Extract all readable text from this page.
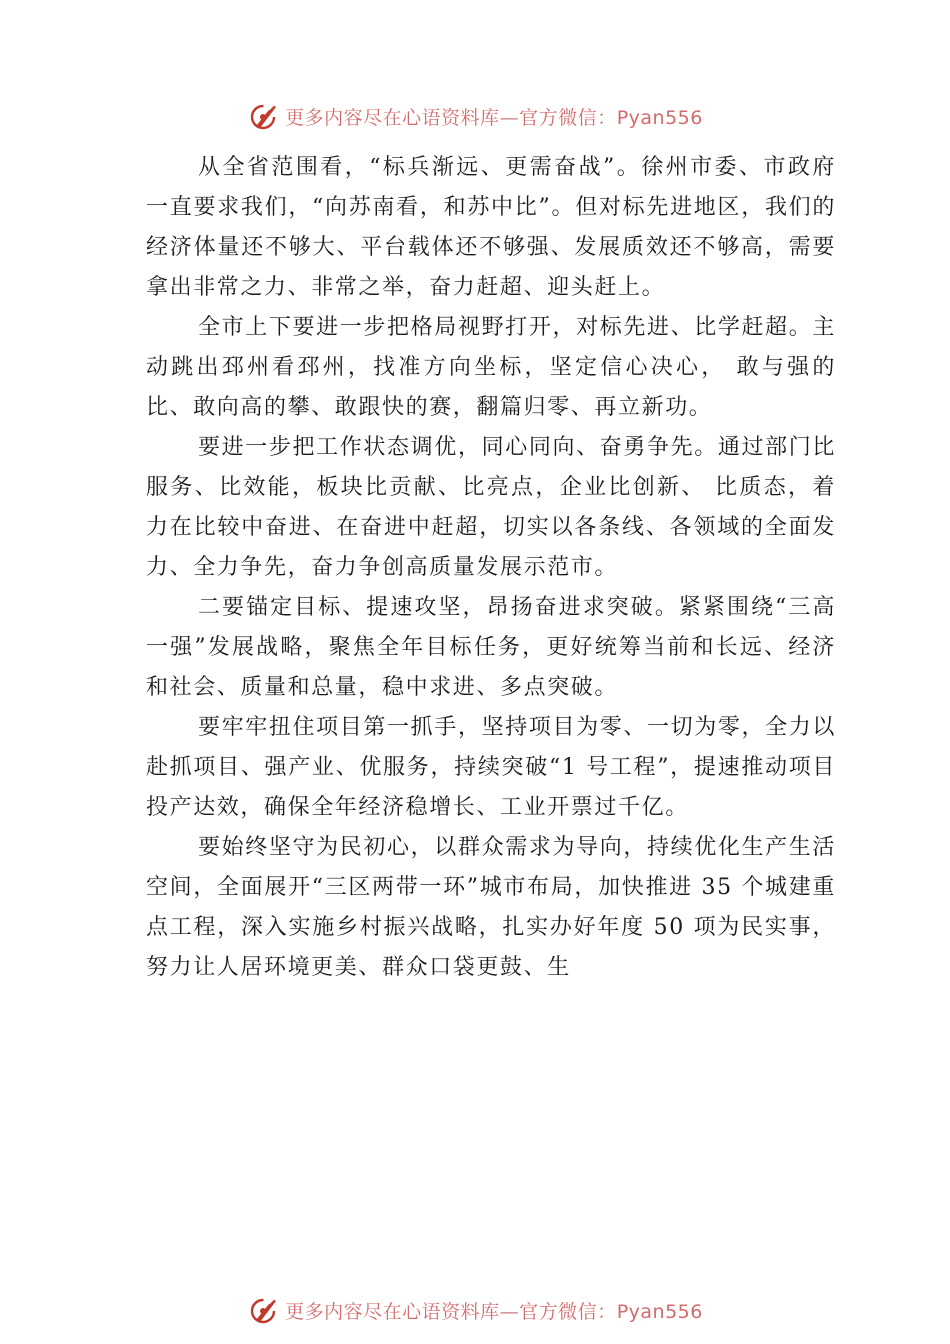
更多内容尽在心语资料库—官方微信：Pyan556

从全省范围看，“标兵渐远、更需奋战”。徐州市委、市政府一直要求我们，“向苏南看，和苏中比”。但对标先进地区，我们的经济体量还不够大、平台载体还不够强、发展质效还不够高，需要拿出非常之力、非常之举，奋力赶超、迎头赶上。

全市上下要进一步把格局视野打开，对标先进、比学赶超。主动跳出邳州看邳州，找准方向坐标，坚定信心决心， 敢与强的比、敢向高的攀、敢跟快的赛，翻篇归零、再立新功。

要进一步把工作状态调优，同心同向、奋勇争先。通过部门比服务、比效能，板块比贡献、比亮点，企业比创新、 比质态，着力在比较中奋进、在奋进中赶超，切实以各条线、各领域的全面发力、全力争先，奋力争创高质量发展示范市。

二要锚定目标、提速攻坚，昂扬奋进求突破。紧紧围绕“三高一强”发展战略，聚焦全年目标任务，更好统筹当前和长远、经济和社会、质量和总量，稳中求进、多点突破。

要牢牢扭住项目第一抓手，坚持项目为零、一切为零，全力以赴抓项目、强产业、优服务，持续突破“1 号工程”，提速推动项目投产达效，确保全年经济稳增长、工业开票过千亿。

要始终坚守为民初心，以群众需求为导向，持续优化生产生活空间，全面展开“三区两带一环”城市布局，加快推进 35 个城建重点工程，深入实施乡村振兴战略，扎实办好年度 50 项为民实事，努力让人居环境更美、群众口袋更鼓、生

更多内容尽在心语资料库—官方微信：Pyan556
